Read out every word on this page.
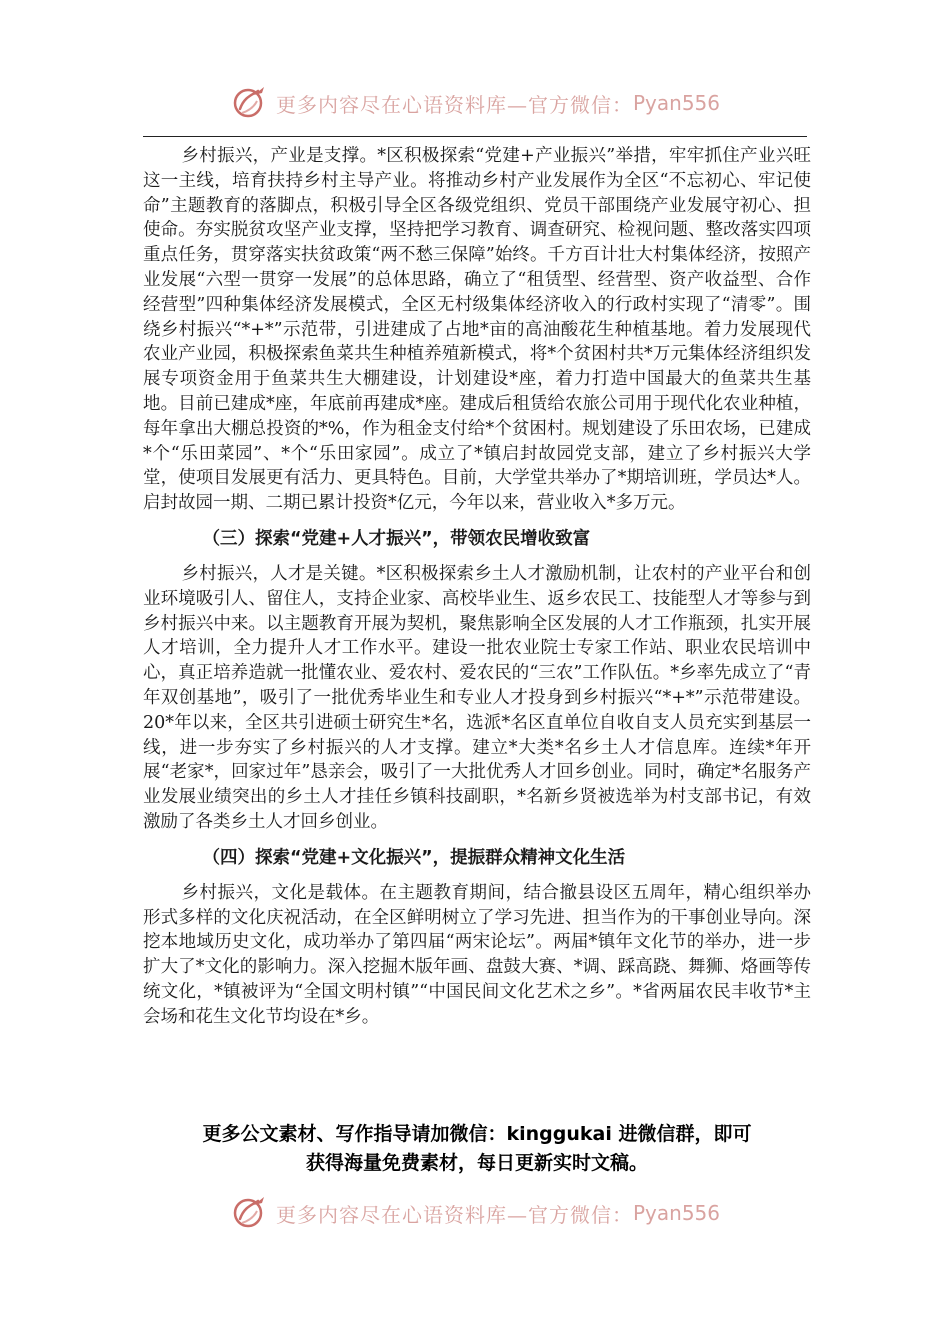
更多内容尽在心语资料库—官方微信： Pyan556

乡村振兴，产业是支撑。*区积极探索“党建+产业振兴”举措，牢牢抓住产业兴旺这一主线，培育扶持乡村主导产业。将推动乡村产业发展作为全区“不忘初心、牢记使命”主题教育的落脚点，积极引导全区各级党组织、党员干部围绕产业发展守初心、担使命。夯实脱贫攻坚产业支撑，坚持把学习教育、调查研究、检视问题、整改落实四项重点任务，贯穿落实扶贫政策“两不愁三保障”始终。千方百计壮大村集体经济，按照产业发展“六型一贯穿一发展”的总体思路，确立了“租赁型、经营型、资产收益型、合作经营型”四种集体经济发展模式，全区无村级集体经济收入的行政村实现了“清零”。围绕乡村振兴“*+*”示范带，引进建成了占地*亩的高油酸花生种植基地。着力发展现代农业产业园，积极探索鱼菜共生种植养殖新模式，将*个贫困村共*万元集体经济组织发展专项资金用于鱼菜共生大棚建设，计划建设*座，着力打造中国最大的鱼菜共生基地。目前已建成*座，年底前再建成*座。建成后租赁给农旅公司用于现代化农业种植，每年拿出大棚总投资的*%，作为租金支付给*个贫困村。规划建设了乐田农场，已建成*个“乐田菜园”、*个“乐田家园”。成立了*镇启封故园党支部，建立了乡村振兴大学堂，使项目发展更有活力、更具特色。目前，大学堂共举办了*期培训班，学员达*人。启封故园一期、二期已累计投资*亿元，今年以来，营业收入*多万元。

（三）探索“党建+人才振兴”，带领农民增收致富

乡村振兴，人才是关键。*区积极探索乡土人才激励机制，让农村的产业平台和创业环境吸引人、留住人，支持企业家、高校毕业生、返乡农民工、技能型人才等参与到乡村振兴中来。以主题教育开展为契机，聚焦影响全区发展的人才工作瓶颈，扎实开展人才培训，全力提升人才工作水平。建设一批农业院士专家工作站、职业农民培训中心，真正培养造就一批懂农业、爱农村、爱农民的“三农”工作队伍。*乡率先成立了“青年双创基地”，吸引了一批优秀毕业生和专业人才投身到乡村振兴“*+*”示范带建设。20*年以来，全区共引进硕士研究生*名，选派*名区直单位自收自支人员充实到基层一线，进一步夯实了乡村振兴的人才支撑。建立*大类*名乡土人才信息库。连续*年开展“老家*，回家过年”恳亲会，吸引了一大批优秀人才回乡创业。同时，确定*名服务产业发展业绩突出的乡土人才挂任乡镇科技副职，*名新乡贤被选举为村支部书记，有效激励了各类乡土人才回乡创业。

（四）探索“党建+文化振兴”，提振群众精神文化生活

乡村振兴，文化是载体。在主题教育期间，结合撤县设区五周年，精心组织举办形式多样的文化庆祝活动，在全区鲜明树立了学习先进、担当作为的干事创业导向。深挖本地域历史文化，成功举办了第四届“两宋论坛”。两届*镇年文化节的举办，进一步扩大了*文化的影响力。深入挖掘木版年画、盘鼓大赛、*调、踩高跷、舞狮、烙画等传统文化，*镇被评为“全国文明村镇”“中国民间文化艺术之乡”。*省两届农民丰收节*主会场和花生文化节均设在*乡。

更多公文素材、写作指导请加微信：kinggukai 进微信群，即可
获得海量免费素材，每日更新实时文稿。
更多内容尽在心语资料库—官方微信： Pyan556
